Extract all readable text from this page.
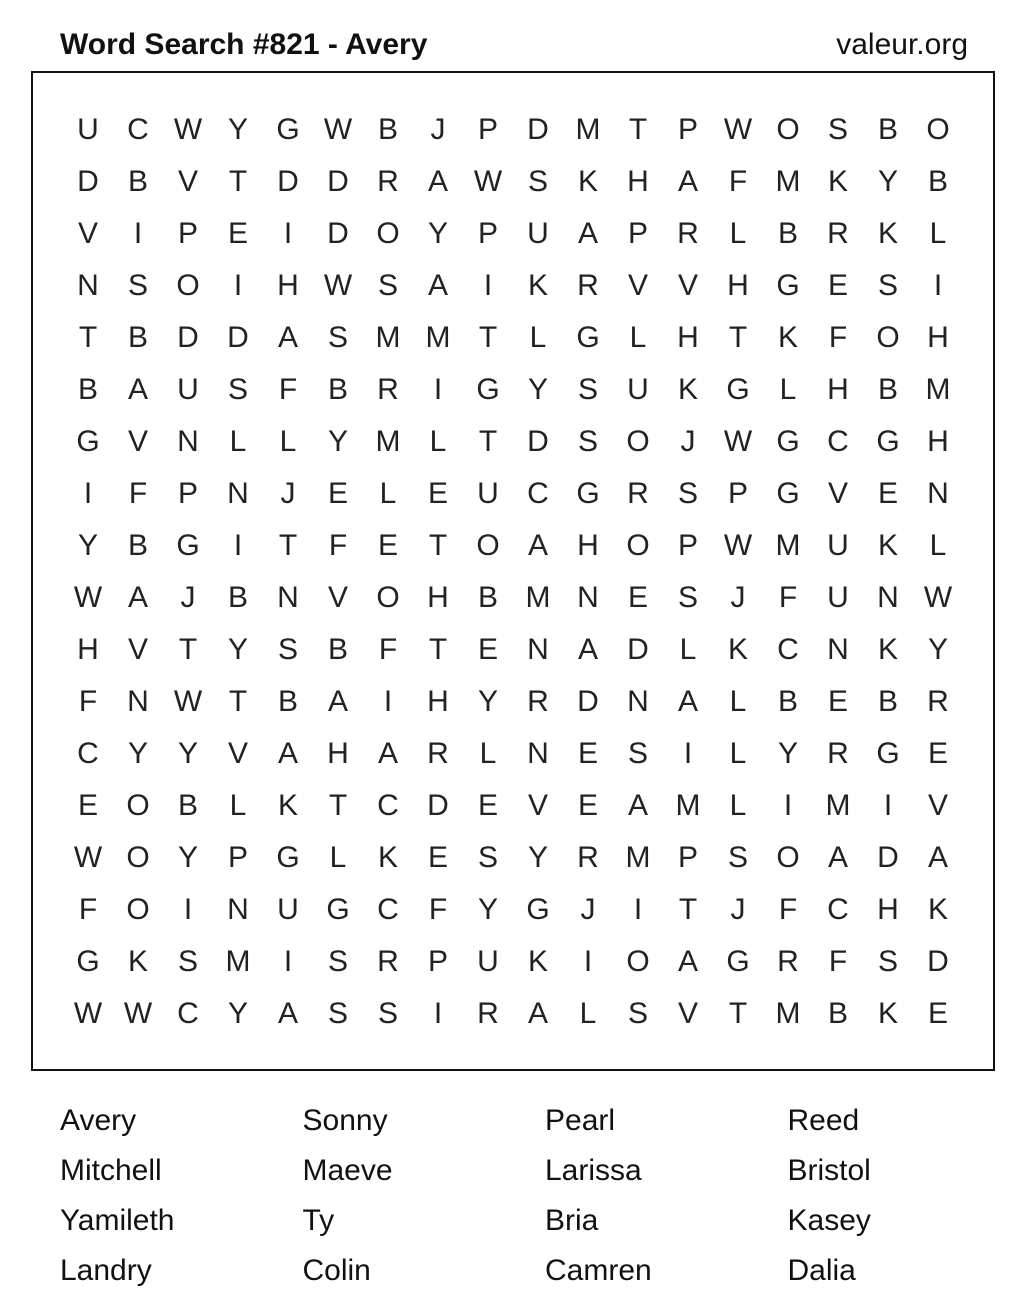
Word Search #821 - Avery	valeur.org
U C W Y G W B	J	P D M T	P W O S B O
D B V	T	D D R A W S K H A	F M K Y B
V	I	P E	I	D O Y P U A P R	L	B R K	L
N S O	I	H W S A	I	K R V V H G E S	I
T	B D D A S M M T	L G L	H	T	K	F O H
B A U S	F	B R	I	G Y S U K G L	H B M
G V N	L	L	Y M L	T	D S O	J W G C G H
I	F	P N	J	E	L	E U C G R S P G V E N
Y B G	I	T	F	E	T O A H O P W M U K	L
W A	J	B N V O H B M N E S	J	F	U N W
H V	T	Y S B	F	T	E N A D	L	K C N K Y
F	N W T	B A	I	H Y R D N A	L	B E B R
C Y Y V A H A R	L	N E S	I	L	Y R G E
E O B	L	K	T	C D E V E A M L	I	M	I	V
W O Y P G L	K E S Y R M P S O A D A
F O	I	N U G C	F	Y G	J	I	T	J	F	C H K
G K S M	I	S R P U K	I	O A G R	F	S D
W W C Y A S S	I	R A	L	S V	T M B K E
Avery	Sonny	Pearl	Reed
Mitchell	Maeve	Larissa	Bristol
Yamileth	Ty	Bria	Kasey
Landry	Colin	Camren	Dalia
